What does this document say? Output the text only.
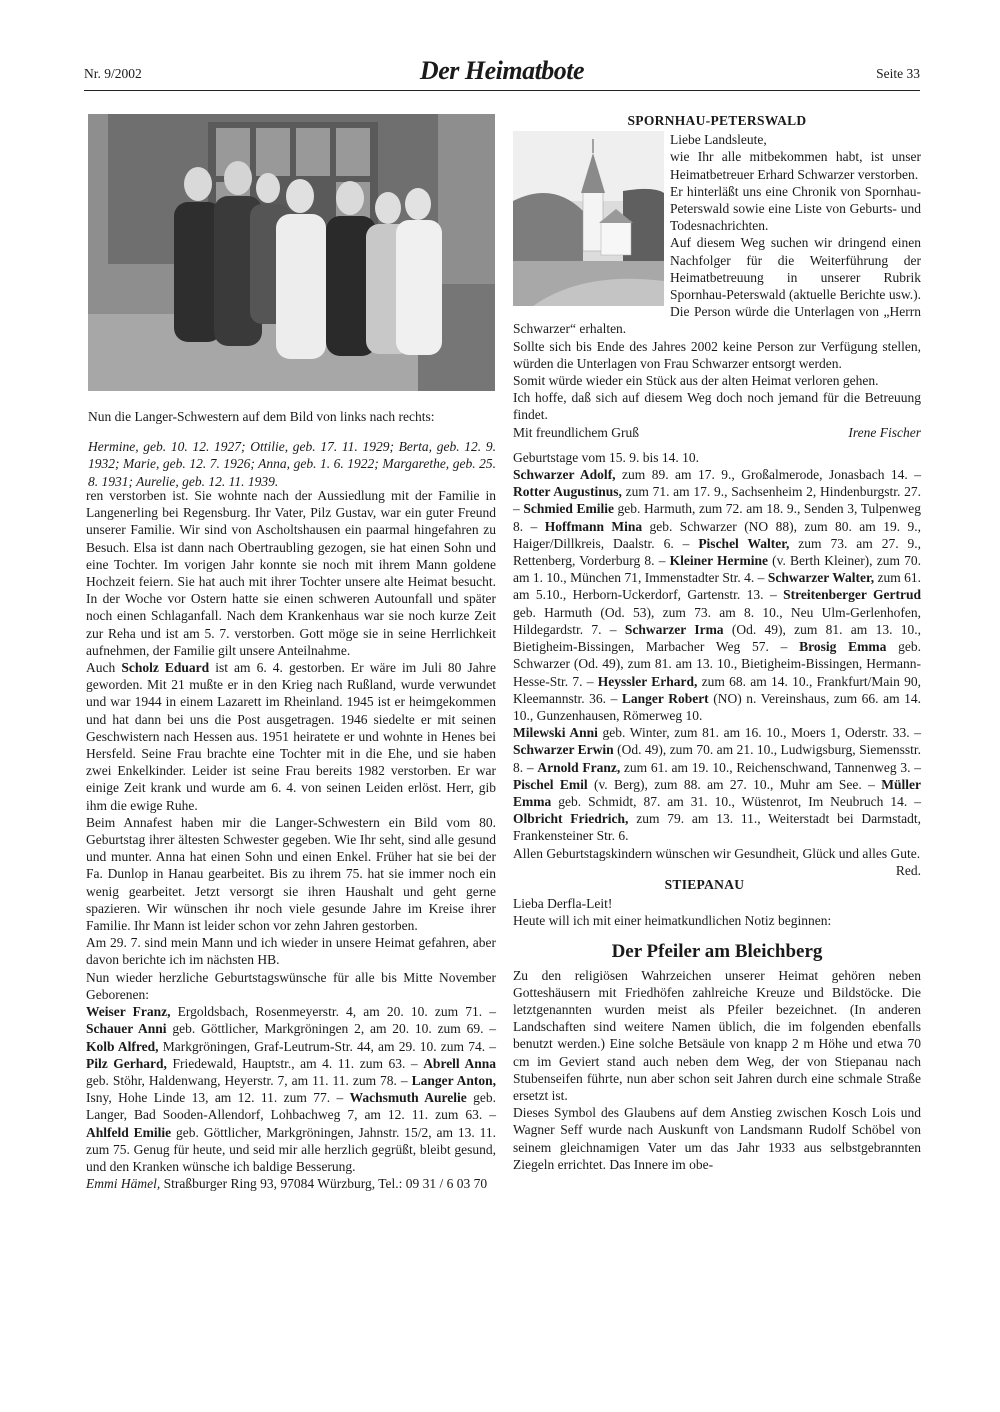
Nr. 9/2002	Der Heimatbote	Seite 33

Nun die Langer-Schwestern auf dem Bild von links nach rechts:

Hermine, geb. 10. 12. 1927; Ottilie, geb. 17. 11. 1929; Berta, geb. 12. 9. 1932; Marie, geb. 12. 7. 1926; Anna, geb. 1. 6. 1922; Margarethe, geb. 25. 8. 1931; Aurelie, geb. 12. 11. 1939.

ren verstorben ist. Sie wohnte nach der Aussiedlung mit der Familie in Langenerling bei Regensburg. Ihr Vater, Pilz Gustav, war ein guter Freund unserer Familie. Wir sind von Ascholtshausen ein paarmal hingefahren zu Besuch. Elsa ist dann nach Obertraubling gezogen, sie hat einen Sohn und eine Tochter. Im vorigen Jahr konnte sie noch mit ihrem Mann goldene Hochzeit feiern. Sie hat auch mit ihrer Tochter unsere alte Heimat besucht. In der Woche vor Ostern hatte sie einen schweren Autounfall und später noch einen Schlaganfall. Nach dem Krankenhaus war sie noch kurze Zeit zur Reha und ist am 5. 7. verstorben. Gott möge sie in seine Herrlichkeit aufnehmen, der Familie gilt unsere Anteilnahme.

Auch Scholz Eduard ist am 6. 4. gestorben. Er wäre im Juli 80 Jahre geworden. Mit 21 mußte er in den Krieg nach Rußland, wurde verwundet und war 1944 in einem Lazarett im Rheinland. 1945 ist er heimgekommen und hat dann bei uns die Post ausgetragen. 1946 siedelte er mit seinen Geschwistern nach Hessen aus. 1951 heiratete er und wohnte in Henes bei Hersfeld. Seine Frau brachte eine Tochter mit in die Ehe, und sie haben zwei Enkelkinder. Leider ist seine Frau bereits 1982 verstorben. Er war einige Zeit krank und wurde am 6. 4. von seinen Leiden erlöst. Herr, gib ihm die ewige Ruhe.

Beim Annafest haben mir die Langer-Schwestern ein Bild vom 80. Geburtstag ihrer ältesten Schwester gegeben. Wie Ihr seht, sind alle gesund und munter. Anna hat einen Sohn und einen Enkel. Früher hat sie bei der Fa. Dunlop in Hanau gearbeitet. Bis zu ihrem 75. hat sie immer noch ein wenig gearbeitet. Jetzt versorgt sie ihren Haushalt und geht gerne spazieren. Wir wünschen ihr noch viele gesunde Jahre im Kreise ihrer Familie. Ihr Mann ist leider schon vor zehn Jahren gestorben.

Am 29. 7. sind mein Mann und ich wieder in unsere Heimat gefahren, aber davon berichte ich im nächsten HB.

Nun wieder herzliche Geburtstagswünsche für alle bis Mitte November Geborenen:

Weiser Franz, Ergoldsbach, Rosenmeyerstr. 4, am 20. 10. zum 71. – Schauer Anni geb. Göttlicher, Markgröningen 2, am 20. 10. zum 69. – Kolb Alfred, Markgröningen, Graf-Leutrum-Str. 44, am 29. 10. zum 74. – Pilz Gerhard, Friedewald, Hauptstr., am 4. 11. zum 63. – Abrell Anna geb. Stöhr, Haldenwang, Heyerstr. 7, am 11. 11. zum 78. – Langer Anton, Isny, Hohe Linde 13, am 12. 11. zum 77. – Wachsmuth Aurelie geb. Langer, Bad Sooden-Allendorf, Lohbachweg 7, am 12. 11. zum 63. – Ahlfeld Emilie geb. Göttlicher, Markgröningen, Jahnstr. 15/2, am 13. 11. zum 75. Genug für heute, und seid mir alle herzlich gegrüßt, bleibt gesund, und den Kranken wünsche ich baldige Besserung.

Emmi Hämel, Straßburger Ring 93, 97084 Würzburg, Tel.: 09 31 / 6 03 70

SPORNHAU-PETERSWALD

Liebe Landsleute,

wie Ihr alle mitbekommen habt, ist unser Heimatbetreuer Erhard Schwarzer verstorben.

Er hinterläßt uns eine Chronik von Spornhau-Peterswald sowie eine Liste von Geburts- und Todesnachrichten.

Auf diesem Weg suchen wir dringend einen Nachfolger für die Weiterführung der Heimatbetreuung in unserer Rubrik Spornhau-Peterswald (aktuelle Berichte usw.). Die Person würde die Unterlagen von „Herrn Schwarzer“ erhalten.

Sollte sich bis Ende des Jahres 2002 keine Person zur Verfügung stellen, würden die Unterlagen von Frau Schwarzer entsorgt werden.

Somit würde wieder ein Stück aus der alten Heimat verloren gehen.

Ich hoffe, daß sich auf diesem Weg doch noch jemand für die Betreuung findet.

Mit freundlichem Gruß	Irene Fischer

Geburtstage vom 15. 9. bis 14. 10.

Schwarzer Adolf, zum 89. am 17. 9., Großalmerode, Jonasbach 14. – Rotter Augustinus, zum 71. am 17. 9., Sachsenheim 2, Hindenburgstr. 27. – Schmied Emilie geb. Harmuth, zum 72. am 18. 9., Senden 3, Tulpenweg 8. – Hoffmann Mina geb. Schwarzer (NO 88), zum 80. am 19. 9., Haiger/Dillkreis, Daalstr. 6. – Pischel Walter, zum 73. am 27. 9., Rettenberg, Vorderburg 8. – Kleiner Hermine (v. Berth Kleiner), zum 70. am 1. 10., München 71, Immenstadter Str. 4. – Schwarzer Walter, zum 61. am 5.10., Herborn-Uckerdorf, Gartenstr. 13. – Streitenberger Gertrud geb. Harmuth (Od. 53), zum 73. am 8. 10., Neu Ulm-Gerlenhofen, Hildegardstr. 7. – Schwarzer Irma (Od. 49), zum 81. am 13. 10., Bietigheim-Bissingen, Marbacher Weg 57. – Brosig Emma geb. Schwarzer (Od. 49), zum 81. am 13. 10., Bietigheim-Bissingen, Hermann-Hesse-Str. 7. – Heyssler Erhard, zum 68. am 14. 10., Frankfurt/Main 90, Kleemannstr. 36. – Langer Robert (NO) n. Vereinshaus, zum 66. am 14. 10., Gunzenhausen, Römerweg 10.

Milewski Anni geb. Winter, zum 81. am 16. 10., Moers 1, Oderstr. 33. – Schwarzer Erwin (Od. 49), zum 70. am 21. 10., Ludwigsburg, Siemensstr. 8. – Arnold Franz, zum 61. am 19. 10., Reichenschwand, Tannenweg 3. – Pischel Emil (v. Berg), zum 88. am 27. 10., Muhr am See. – Müller Emma geb. Schmidt, 87. am 31. 10., Wüstenrot, Im Neubruch 14. – Olbricht Friedrich, zum 79. am 13. 11., Weiterstadt bei Darmstadt, Frankensteiner Str. 6.

Allen Geburtstagskindern wünschen wir Gesundheit, Glück und alles Gute.
Red.

STIEPANAU

Lieba Derfla-Leit!

Heute will ich mit einer heimatkundlichen Notiz beginnen:

Der Pfeiler am Bleichberg

Zu den religiösen Wahrzeichen unserer Heimat gehören neben Gotteshäusern mit Friedhöfen zahlreiche Kreuze und Bildstöcke. Die letztgenannten wurden meist als Pfeiler bezeichnet. (In anderen Landschaften sind weitere Namen üblich, die im folgenden ebenfalls benutzt werden.) Eine solche Betsäule von knapp 2 m Höhe und etwa 70 cm im Geviert stand auch neben dem Weg, der von Stiepanau nach Stubenseifen führte, nun aber schon seit Jahren durch eine schmale Straße ersetzt ist.

Dieses Symbol des Glaubens auf dem Anstieg zwischen Kosch Lois und Wagner Seff wurde nach Auskunft von Landsmann Rudolf Schöbel von seinem gleichnamigen Vater um das Jahr 1933 aus selbstgebrannten Ziegeln errichtet. Das Innere im obe-
